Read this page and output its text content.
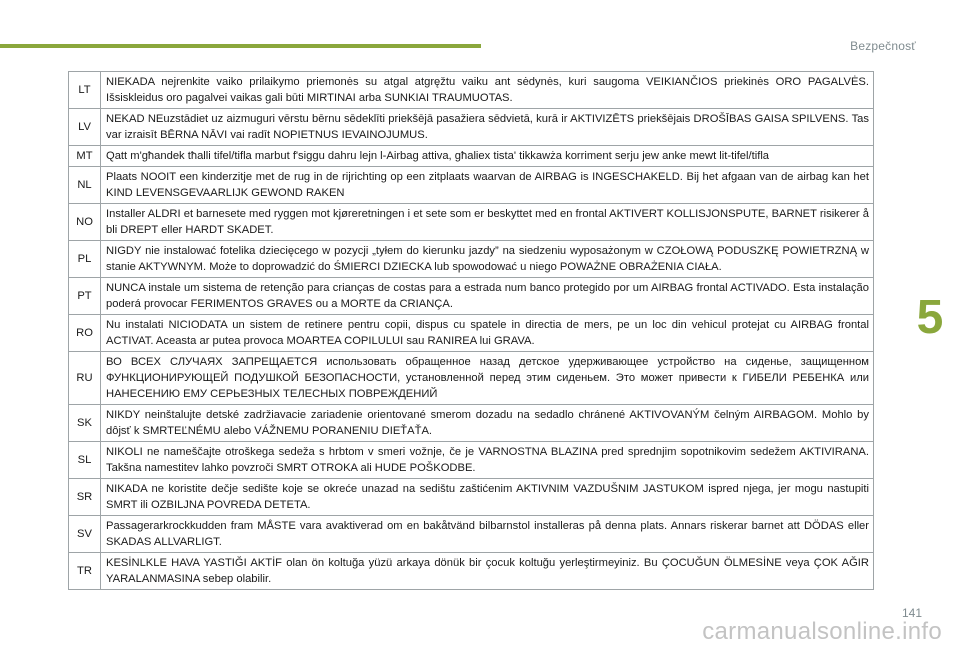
Bezpečnosť
5
LT	NIEKADA nejrenkite vaiko prilaikymo priemonės su atgal atgręžtu vaiku ant sėdynės, kuri saugoma VEIKIANČIOS priekinės ORO PAGALVĖS. Išsiskleidus oro pagalvei vaikas gali būti MIRTINAI arba SUNKIAI TRAUMUOTAS.
LV	NEKAD NEuzstādiet uz aizmuguri vērstu bērnu sēdeklīti priekšējā pasažiera sēdvietā, kurā ir AKTIVIZĒTS priekšējais DROŠĪBAS GAISA SPILVENS. Tas var izraisīt BĒRNA NĀVI vai radīt NOPIETNUS IEVAINOJUMUS.
MT	Qatt m'għandek tħalli tifel/tifla marbut f'siggu dahru lejn l-Airbag attiva, għaliex tista' tikkawża korriment serju jew anke mewt lit-tifel/tifla
NL	Plaats NOOIT een kinderzitje met de rug in de rijrichting op een zitplaats waarvan de AIRBAG is INGESCHAKELD. Bij het afgaan van de airbag kan het KIND LEVENSGEVAARLIJK GEWOND RAKEN
NO	Installer ALDRI et barnesete med ryggen mot kjøreretningen i et sete som er beskyttet med en frontal AKTIVERT KOLLISJONSPUTE, BARNET risikerer å bli DREPT eller HARDT SKADET.
PL	NIGDY nie instalować fotelika dziecięcego w pozycji „tyłem do kierunku jazdy” na siedzeniu wyposażonym w CZOŁOWĄ PODUSZKĘ POWIETRZNĄ w stanie AKTYWNYM. Może to doprowadzić do ŚMIERCI DZIECKA lub spowodować u niego POWAŻNE OBRAŻENIA CIAŁA.
PT	NUNCA instale um sistema de retenção para crianças de costas para a estrada num banco protegido por um AIRBAG frontal ACTIVADO. Esta instalação poderá provocar FERIMENTOS GRAVES ou a MORTE da CRIANÇA.
RO	Nu instalati NICIODATA un sistem de retinere pentru copii, dispus cu spatele in directia de mers, pe un loc din vehicul protejat cu AIRBAG frontal ACTIVAT. Aceasta ar putea provoca MOARTEA COPILULUI sau RANIREA lui GRAVA.
RU	ВО ВСЕХ СЛУЧАЯХ ЗАПРЕЩАЕТСЯ использовать обращенное назад детское удерживающее устройство на сиденье, защищенном ФУНКЦИОНИРУЮЩЕЙ ПОДУШКОЙ БЕЗОПАСНОСТИ, установленной перед этим сиденьем. Это может привести к ГИБЕЛИ РЕБЕНКА или НАНЕСЕНИЮ ЕМУ СЕРЬЕЗНЫХ ТЕЛЕСНЫХ ПОВРЕЖДЕНИЙ
SK	NIKDY neinštalujte detské zadržiavacie zariadenie orientované smerom dozadu na sedadlo chránené AKTIVOVANÝM čelným AIRBAGOM. Mohlo by dôjsť k SMRTEĽNÉMU alebo VÁŽNEMU PORANENIU DIEŤAŤA.
SL	NIKOLI ne nameščajte otroškega sedeža s hrbtom v smeri vožnje, če je VARNOSTNA BLAZINA pred sprednjim sopotnikovim sedežem AKTIVIRANA. Takšna namestitev lahko povzroči SMRT OTROKA ali HUDE POŠKODBE.
SR	NIKADA ne koristite dečje sedište koje se okreće unazad na sedištu zaštićenim AKTIVNIM VAZDUŠNIM JASTUKOM ispred njega, jer mogu nastupiti SMRT ili OZBILJNA POVREDA DETETA.
SV	Passagerarkrockkudden fram MÅSTE vara avaktiverad om en bakåtvänd bilbarnstol installeras på denna plats. Annars riskerar barnet att DÖDAS eller SKADAS ALLVARLIGT.
TR	KESİNLKLE HAVA YASTIĞI AKTİF olan ön koltuğa yüzü arkaya dönük bir çocuk koltuğu yerleştirmeyiniz. Bu ÇOCUĞUN ÖLMESİNE veya ÇOK AĞIR YARALANMASINA sebep olabilir.
141
carmanualsonline.info
